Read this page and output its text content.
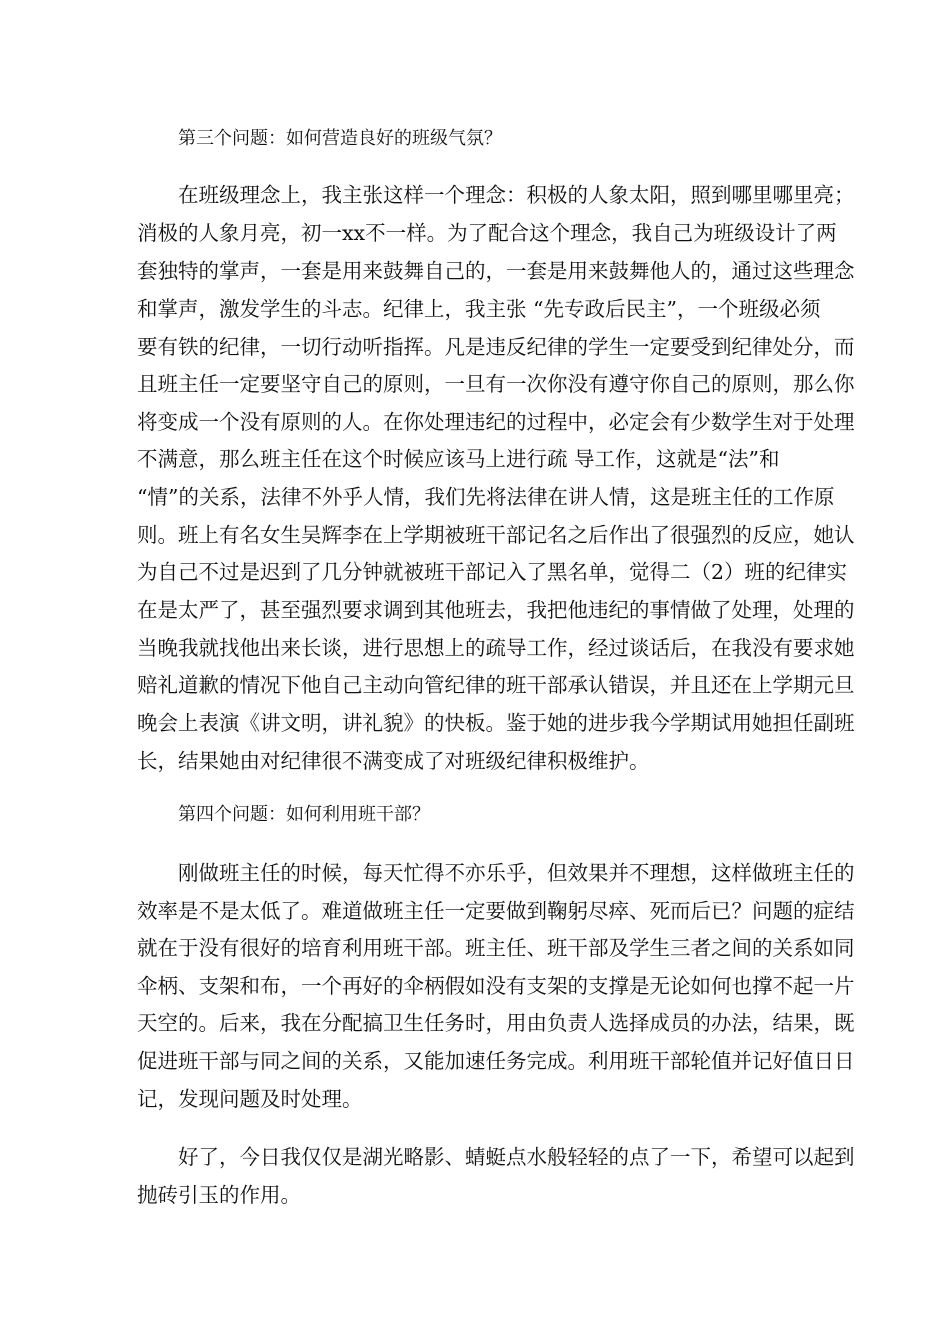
第三个问题：如何营造良好的班级气氛？
在班级理念上，我主张这样一个理念：积极的人象太阳，照到哪里哪里亮；
消极的人象月亮，初一xx不一样。为了配合这个理念，我自己为班级设计了两
套独特的掌声，一套是用来鼓舞自己的，一套是用来鼓舞他人的，通过这些理念
和掌声，激发学生的斗志。纪律上，我主张 “先专政后民主”，一个班级必须
要有铁的纪律，一切行动听指挥。凡是违反纪律的学生一定要受到纪律处分，而
且班主任一定要坚守自己的原则，一旦有一次你没有遵守你自己的原则，那么你
将变成一个没有原则的人。在你处理违纪的过程中，必定会有少数学生对于处理
不满意，那么班主任在这个时候应该马上进行疏 导工作，这就是“法”和
“情”的关系，法律不外乎人情，我们先将法律在讲人情，这是班主任的工作原
则。班上有名女生吴辉李在上学期被班干部记名之后作出了很强烈的反应，她认
为自己不过是迟到了几分钟就被班干部记入了黑名单，觉得二（2）班的纪律实
在是太严了，甚至强烈要求调到其他班去，我把他违纪的事情做了处理，处理的
当晚我就找他出来长谈，进行思想上的疏导工作，经过谈话后，在我没有要求她
赔礼道歉的情况下他自己主动向管纪律的班干部承认错误，并且还在上学期元旦
晚会上表演《讲文明，讲礼貌》的快板。鉴于她的进步我今学期试用她担任副班
长，结果她由对纪律很不满变成了对班级纪律积极维护。
第四个问题：如何利用班干部？
刚做班主任的时候，每天忙得不亦乐乎，但效果并不理想，这样做班主任的
效率是不是太低了。难道做班主任一定要做到鞠躬尽瘁、死而后已？问题的症结
就在于没有很好的培育利用班干部。班主任、班干部及学生三者之间的关系如同
伞柄、支架和布，一个再好的伞柄假如没有支架的支撑是无论如何也撑不起一片
天空的。后来，我在分配搞卫生任务时，用由负责人选择成员的办法，结果，既
促进班干部与同之间的关系，又能加速任务完成。利用班干部轮值并记好值日日
记，发现问题及时处理。
好了，今日我仅仅是湖光略影、蜻蜓点水般轻轻的点了一下，希望可以起到
抛砖引玉的作用。
